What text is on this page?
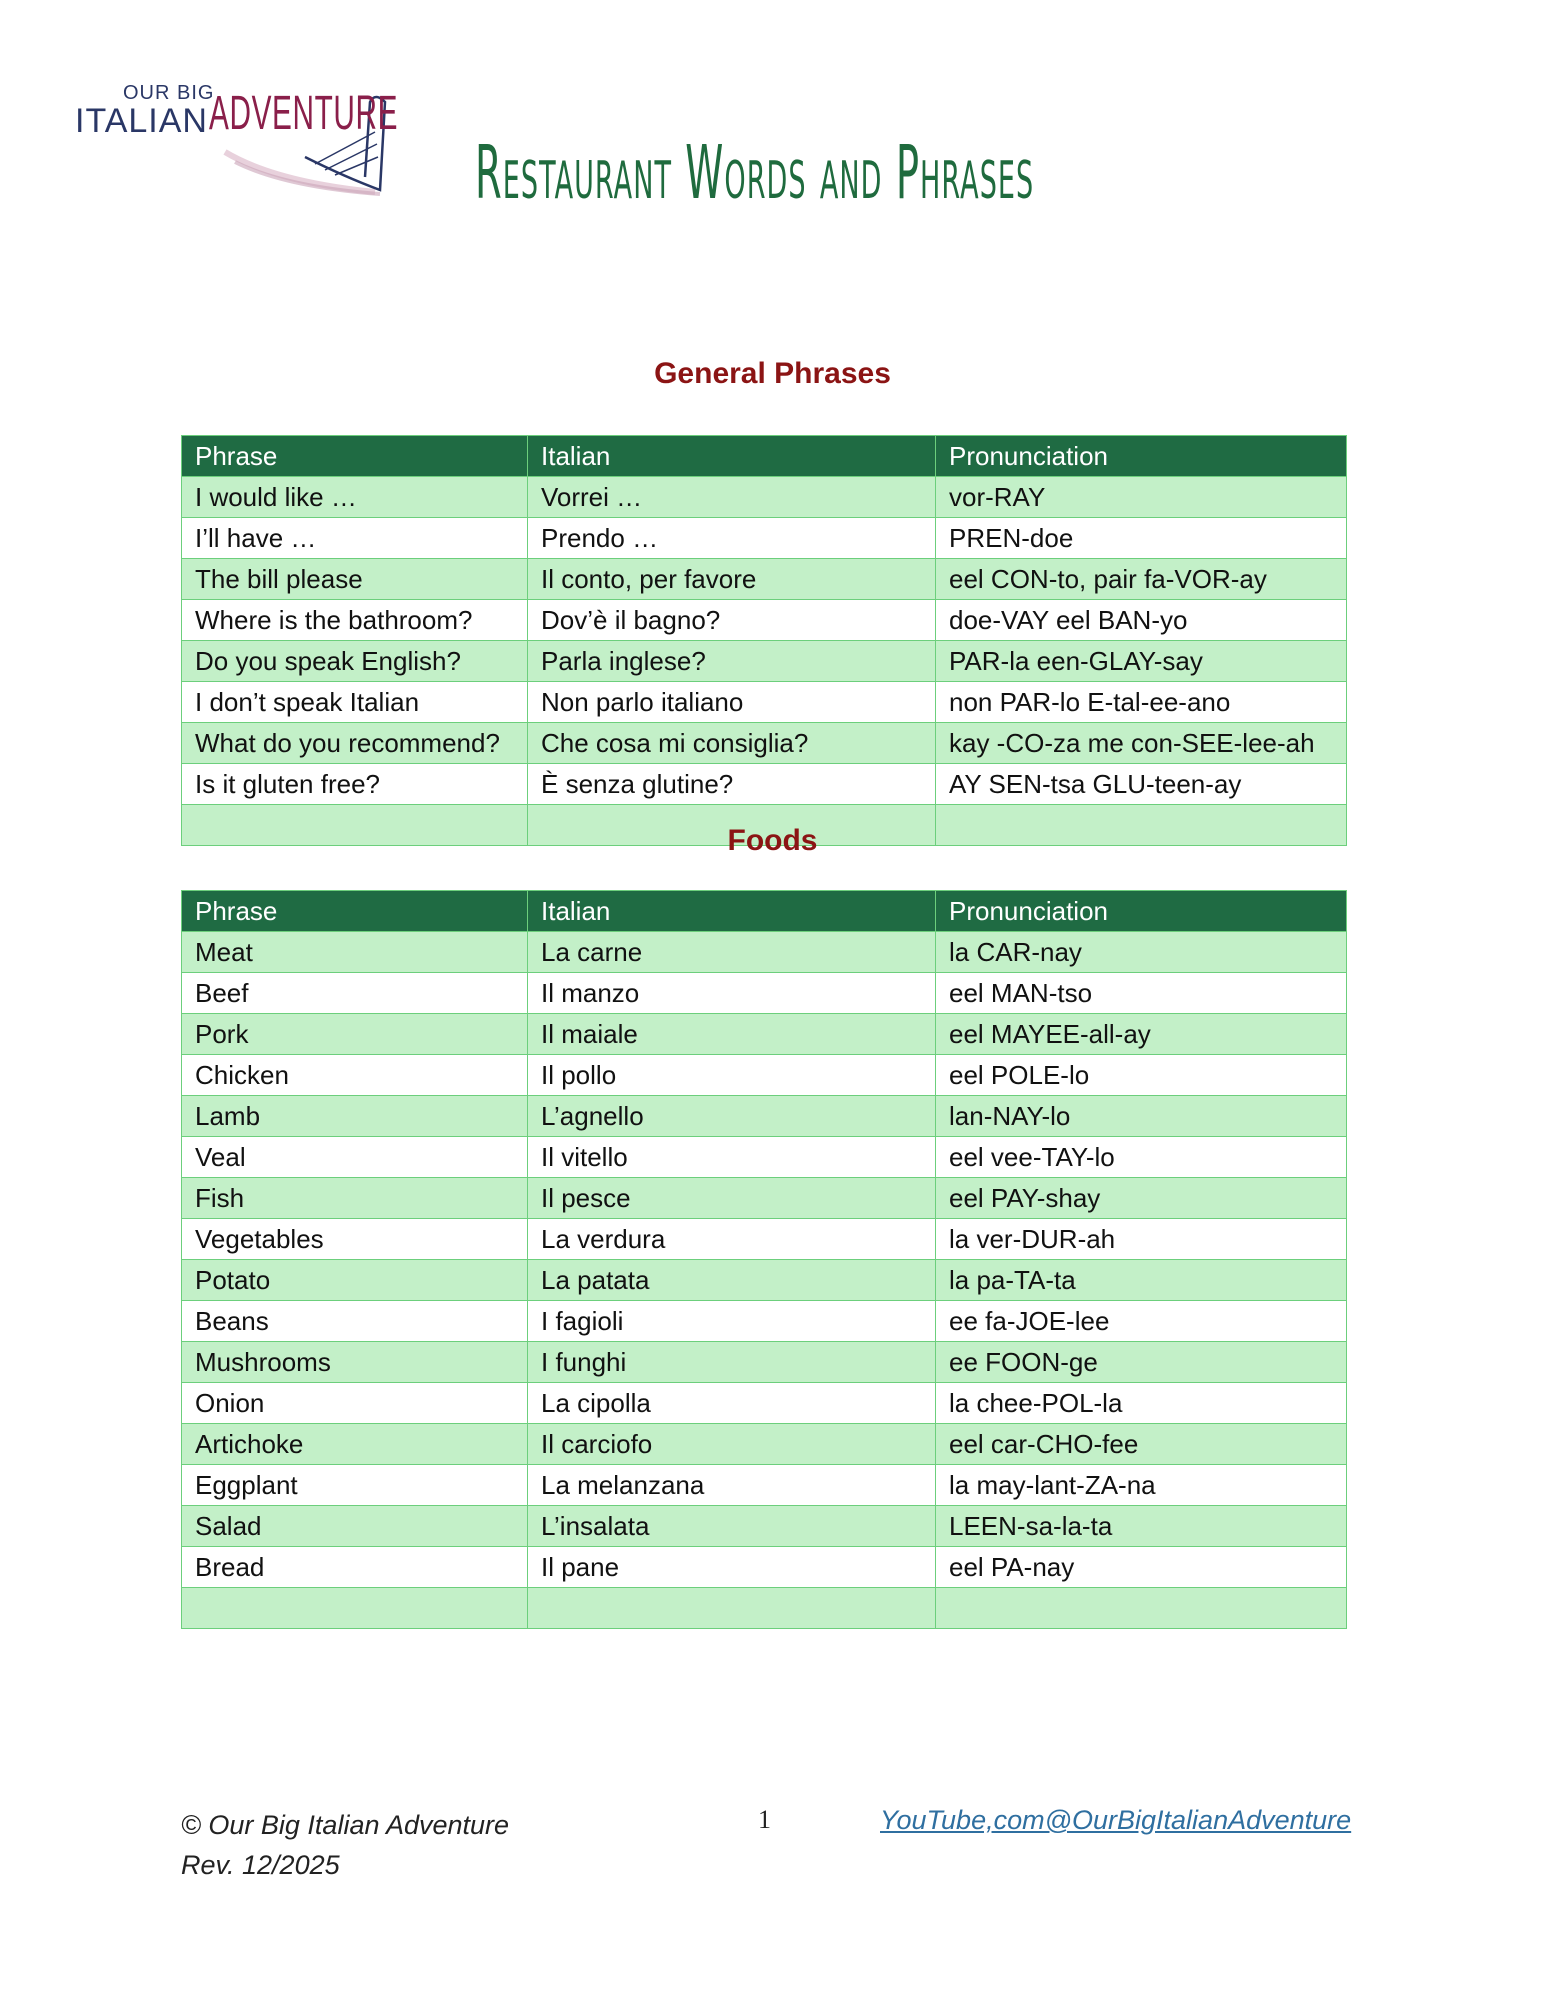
OUR BIG
ITALIAN ADVENTURE
Restaurant Words and Phrases
General Phrases
Phrase	Italian	Pronunciation
I would like …	Vorrei …	vor-RAY
I’ll have …	Prendo …	PREN-doe
The bill please	Il conto, per favore	eel CON-to, pair fa-VOR-ay
Where is the bathroom?	Dov’è il bagno?	doe-VAY eel BAN-yo
Do you speak English?	Parla inglese?	PAR-la een-GLAY-say
I don’t speak Italian	Non parlo italiano	non PAR-lo E-tal-ee-ano
What do you recommend?	Che cosa mi consiglia?	kay -CO-za me con-SEE-lee-ah
Is it gluten free?	È senza glutine?	AY SEN-tsa GLU-teen-ay

Foods
Phrase	Italian	Pronunciation
Meat	La carne	la CAR-nay
Beef	Il manzo	eel MAN-tso
Pork	Il maiale	eel MAYEE-all-ay
Chicken	Il pollo	eel POLE-lo
Lamb	L’agnello	lan-NAY-lo
Veal	Il vitello	eel vee-TAY-lo
Fish	Il pesce	eel PAY-shay
Vegetables	La verdura	la ver-DUR-ah
Potato	La patata	la pa-TA-ta
Beans	I fagioli	ee fa-JOE-lee
Mushrooms	I funghi	ee FOON-ge
Onion	La cipolla	la chee-POL-la
Artichoke	Il carciofo	eel car-CHO-fee
Eggplant	La melanzana	la may-lant-ZA-na
Salad	L’insalata	LEEN-sa-la-ta
Bread	Il pane	eel PA-nay

© Our Big Italian Adventure
Rev. 12/2025
1	YouTube,com@OurBigItalianAdventure
